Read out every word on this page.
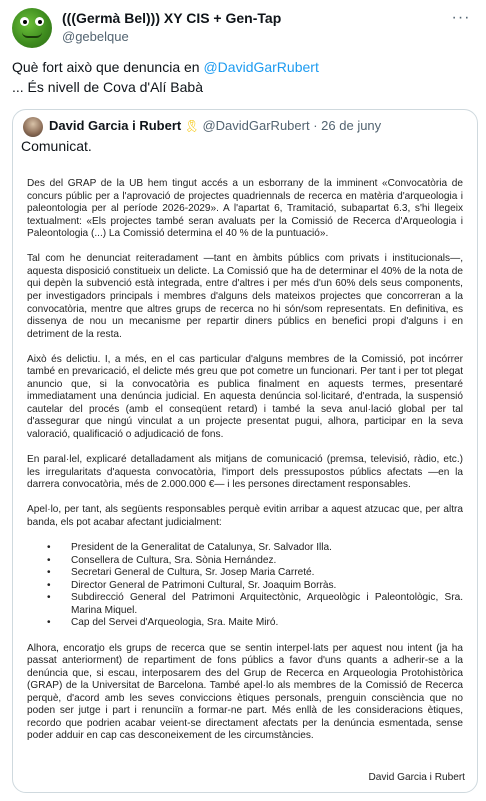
(((Germà Bel))) XY CIS + Gen-Tap
@gebelque
···
Què fort això que denuncia en @DavidGarRubert
... És nivell de Cova d'Alí Babà
David Garcia i Rubert 🎗 @DavidGarRubert · 26 de juny
Comunicat.

Des del GRAP de la UB hem tingut accés a un esborrany de la imminent «Convocatòria de concurs públic per a l'aprovació de projectes quadriennals de recerca en matèria d'arqueologia i paleontologia per al període 2026-2029». A l'apartat 6, Tramitació, subapartat 6.3, s'hi llegeix textualment: «Els projectes també seran avaluats per la Comissió de Recerca d'Arqueologia i Paleontologia (...) La Comissió determina el 40 % de la puntuació».

Tal com he denunciat reiteradament —tant en àmbits públics com privats i institucionals—, aquesta disposició constitueix un delicte. La Comissió que ha de determinar el 40% de la nota de qui depèn la subvenció està integrada, entre d'altres i per més d'un 60% dels seus components, per investigadors principals i membres d'alguns dels mateixos projectes que concorreran a la convocatòria, mentre que altres grups de recerca no hi són/som representats. En definitiva, es dissenya de nou un mecanisme per repartir diners públics en benefici propi d'alguns i en detriment de la resta.

Això és delictiu. I, a més, en el cas particular d'alguns membres de la Comissió, pot incórrer també en prevaricació, el delicte més greu que pot cometre un funcionari. Per tant i per tot plegat anuncio que, si la convocatòria es publica finalment en aquests termes, presentaré immediatament una denúncia judicial. En aquesta denúncia sol·licitaré, d'entrada, la suspensió cautelar del procés (amb el conseqüent retard) i també la seva anul·lació global per tal d'assegurar que ningú vinculat a un projecte presentat pugui, alhora, participar en la seva valoració, qualificació o adjudicació de fons.

En paral·lel, explicaré detalladament als mitjans de comunicació (premsa, televisió, ràdio, etc.) les irregularitats d'aquesta convocatòria, l'import dels pressupostos públics afectats —en la darrera convocatòria, més de 2.000.000 €— i les persones directament responsables.

Apel·lo, per tant, als següents responsables perquè evitin arribar a aquest atzucac que, per altra banda, els pot acabar afectant judicialment:

• President de la Generalitat de Catalunya, Sr. Salvador Illa.
• Consellera de Cultura, Sra. Sònia Hernández.
• Secretari General de Cultura, Sr. Josep Maria Carreté.
• Director General de Patrimoni Cultural, Sr. Joaquim Borràs.
• Subdirecció General del Patrimoni Arquitectònic, Arqueològic i Paleontològic, Sra. Marina Miquel.
• Cap del Servei d'Arqueologia, Sra. Maite Miró.

Alhora, encoratjo els grups de recerca que se sentin interpel·lats per aquest nou intent (ja ha passat anteriorment) de repartiment de fons públics a favor d'uns quants a adherir-se a la denúncia que, si escau, interposarem des del Grup de Recerca en Arqueologia Protohistòrica (GRAP) de la Universitat de Barcelona. També apel·lo als membres de la Comissió de Recerca perquè, d'acord amb les seves conviccions ètiques personals, prenguin consciència que no poden ser jutge i part i renunciïn a formar-ne part. Més enllà de les consideracions ètiques, recordo que podrien acabar veient-se directament afectats per la denúncia esmentada, sense poder adduir en cap cas desconeixement de les circumstàncies.

David Garcia i Rubert
